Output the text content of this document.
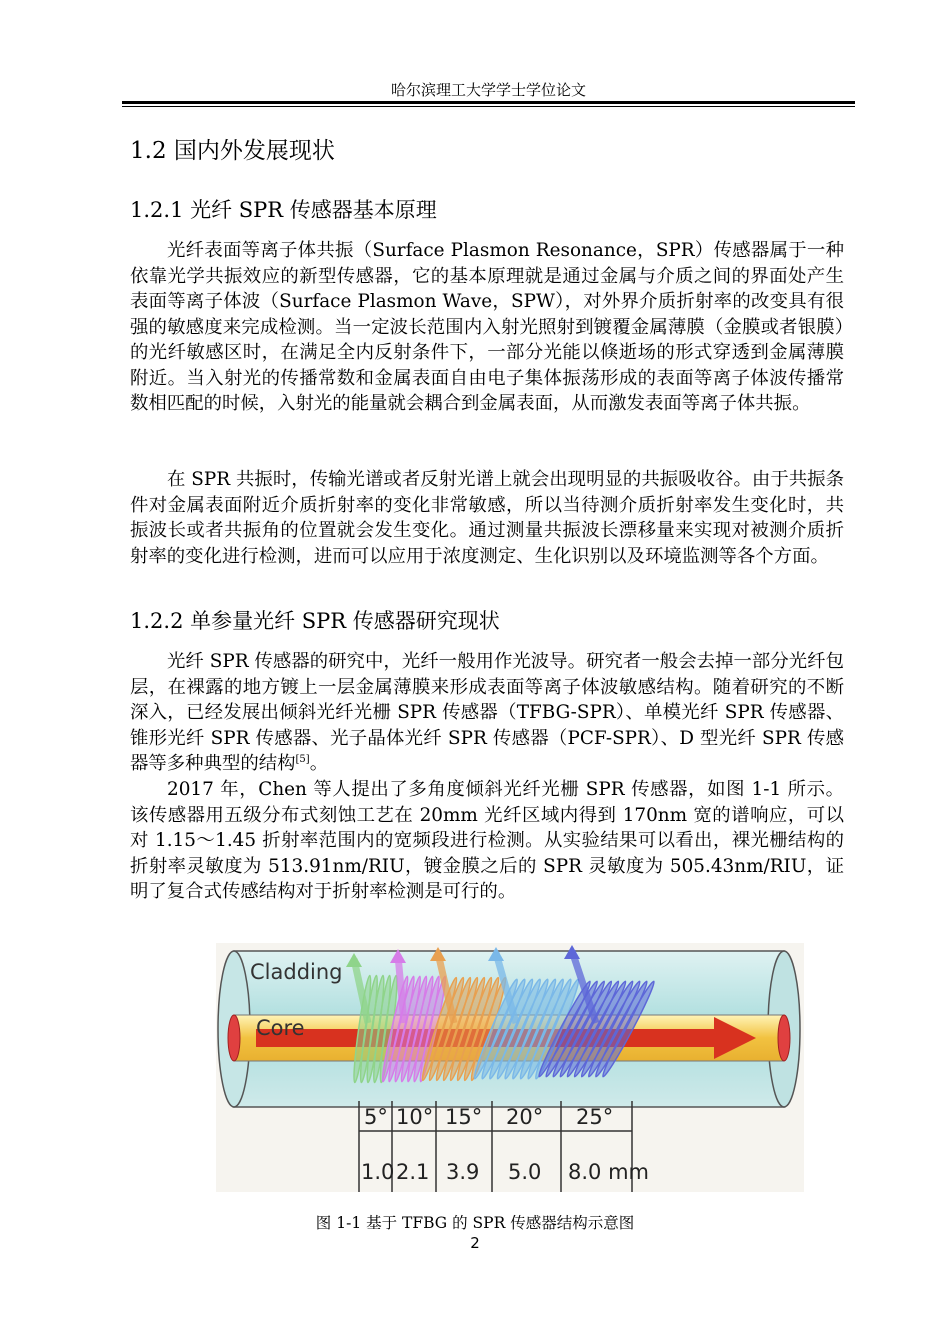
哈尔滨理工大学学士学位论文
1.2 国内外发展现状
1.2.1 光纤 SPR 传感器基本原理

光纤表面等离子体共振（Surface Plasmon Resonance，SPR）传感器属于一种依靠光学共振效应的新型传感器，它的基本原理就是通过金属与介质之间的界面处产生表面等离子体波（Surface Plasmon Wave，SPW），对外界介质折射率的改变具有很强的敏感度来完成检测。当一定波长范围内入射光照射到镀覆金属薄膜（金膜或者银膜）的光纤敏感区时，在满足全内反射条件下，一部分光能以倏逝场的形式穿透到金属薄膜附近。当入射光的传播常数和金属表面自由电子集体振荡形成的表面等离子体波传播常数相匹配的时候，入射光的能量就会耦合到金属表面，从而激发表面等离子体共振。

在 SPR 共振时，传输光谱或者反射光谱上就会出现明显的共振吸收谷。由于共振条件对金属表面附近介质折射率的变化非常敏感，所以当待测介质折射率发生变化时，共振波长或者共振角的位置就会发生变化。通过测量共振波长漂移量来实现对被测介质折射率的变化进行检测，进而可以应用于浓度测定、生化识别以及环境监测等各个方面。

1.2.2 单参量光纤 SPR 传感器研究现状

光纤 SPR 传感器的研究中，光纤一般用作光波导。研究者一般会去掉一部分光纤包层，在裸露的地方镀上一层金属薄膜来形成表面等离子体波敏感结构。随着研究的不断深入，已经发展出倾斜光纤光栅 SPR 传感器（TFBG-SPR）、单模光纤 SPR 传感器、锥形光纤 SPR 传感器、光子晶体光纤 SPR 传感器（PCF-SPR）、D 型光纤 SPR 传感器等多种典型的结构[5]。

2017 年，Chen 等人提出了多角度倾斜光纤光栅 SPR 传感器，如图 1-1 所示。该传感器用五级分布式刻蚀工艺在 20mm 光纤区域内得到 170nm 宽的谱响应，可以对 1.15～1.45 折射率范围内的宽频段进行检测。从实验结果可以看出，裸光栅结构的折射率灵敏度为 513.91nm/RIU，镀金膜之后的 SPR 灵敏度为 505.43nm/RIU，证明了复合式传感结构对于折射率检测是可行的。

Cladding
Core
5° 10° 15° 20° 25°
1.0 2.1 3.9 5.0 8.0 mm
图 1-1 基于 TFBG 的 SPR 传感器结构示意图
2
